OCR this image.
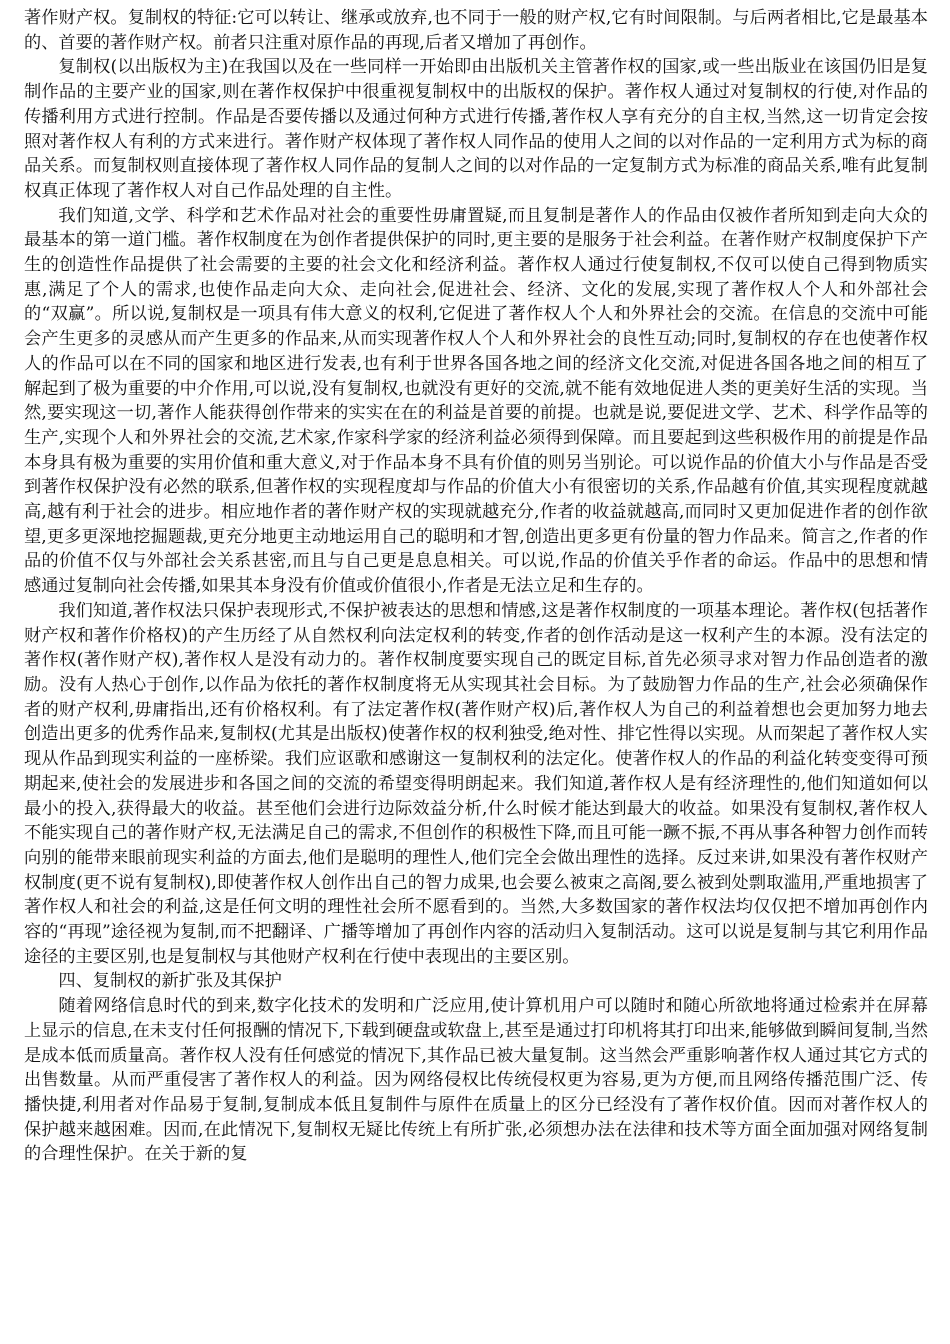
著作财产权。复制权的特征:它可以转让、继承或放弃,也不同于一般的财产权,它有时间限制。与后两者相比,它是最基本的、首要的著作财产权。前者只注重对原作品的再现,后者又增加了再创作。

复制权(以出版权为主)在我国以及在一些同样一开始即由出版机关主管著作权的国家,或一些出版业在该国仍旧是复制作品的主要产业的国家,则在著作权保护中很重视复制权中的出版权的保护。著作权人通过对复制权的行使,对作品的传播利用方式进行控制。作品是否要传播以及通过何种方式进行传播,著作权人享有充分的自主权,当然,这一切肯定会按照对著作权人有利的方式来进行。著作财产权体现了著作权人同作品的使用人之间的以对作品的一定利用方式为标的商品关系。而复制权则直接体现了著作权人同作品的复制人之间的以对作品的一定复制方式为标准的商品关系,唯有此复制权真正体现了著作权人对自己作品处理的自主性。

我们知道,文学、科学和艺术作品对社会的重要性毋庸置疑,而且复制是著作人的作品由仅被作者所知到走向大众的最基本的第一道门槛。著作权制度在为创作者提供保护的同时,更主要的是服务于社会利益。在著作财产权制度保护下产生的创造性作品提供了社会需要的主要的社会文化和经济利益。著作权人通过行使复制权,不仅可以使自己得到物质实惠,满足了个人的需求,也使作品走向大众、走向社会,促进社会、经济、文化的发展,实现了著作权人个人和外部社会的“双赢”。所以说,复制权是一项具有伟大意义的权利,它促进了著作权人个人和外界社会的交流。在信息的交流中可能会产生更多的灵感从而产生更多的作品来,从而实现著作权人个人和外界社会的良性互动;同时,复制权的存在也使著作权人的作品可以在不同的国家和地区进行发表,也有利于世界各国各地之间的经济文化交流,对促进各国各地之间的相互了解起到了极为重要的中介作用,可以说,没有复制权,也就没有更好的交流,就不能有效地促进人类的更美好生活的实现。当然,要实现这一切,著作人能获得创作带来的实实在在的利益是首要的前提。也就是说,要促进文学、艺术、科学作品等的生产,实现个人和外界社会的交流,艺术家,作家科学家的经济利益必须得到保障。而且要起到这些积极作用的前提是作品本身具有极为重要的实用价值和重大意义,对于作品本身不具有价值的则另当别论。可以说作品的价值大小与作品是否受到著作权保护没有必然的联系,但著作权的实现程度却与作品的价值大小有很密切的关系,作品越有价值,其实现程度就越高,越有利于社会的进步。相应地作者的著作财产权的实现就越充分,作者的收益就越高,而同时又更加促进作者的创作欲望,更多更深地挖掘题裁,更充分地更主动地运用自己的聪明和才智,创造出更多更有份量的智力作品来。简言之,作者的作品的价值不仅与外部社会关系甚密,而且与自己更是息息相关。可以说,作品的价值关乎作者的命运。作品中的思想和情感通过复制向社会传播,如果其本身没有价值或价值很小,作者是无法立足和生存的。

我们知道,著作权法只保护表现形式,不保护被表达的思想和情感,这是著作权制度的一项基本理论。著作权(包括著作财产权和著作价格权)的产生历经了从自然权利向法定权利的转变,作者的创作活动是这一权利产生的本源。没有法定的著作权(著作财产权),著作权人是没有动力的。著作权制度要实现自己的既定目标,首先必须寻求对智力作品创造者的激励。没有人热心于创作,以作品为依托的著作权制度将无从实现其社会目标。为了鼓励智力作品的生产,社会必须确保作者的财产权利,毋庸指出,还有价格权利。有了法定著作权(著作财产权)后,著作权人为自己的利益着想也会更加努力地去创造出更多的优秀作品来,复制权(尤其是出版权)使著作权的权利独受,绝对性、排它性得以实现。从而架起了著作权人实现从作品到现实利益的一座桥梁。我们应讴歌和感谢这一复制权利的法定化。使著作权人的作品的利益化转变变得可预期起来,使社会的发展进步和各国之间的交流的希望变得明朗起来。我们知道,著作权人是有经济理性的,他们知道如何以最小的投入,获得最大的收益。甚至他们会进行边际效益分析,什么时候才能达到最大的收益。如果没有复制权,著作权人不能实现自己的著作财产权,无法满足自己的需求,不但创作的积极性下降,而且可能一蹶不振,不再从事各种智力创作而转向别的能带来眼前现实利益的方面去,他们是聪明的理性人,他们完全会做出理性的选择。反过来讲,如果没有著作权财产权制度(更不说有复制权),即使著作权人创作出自己的智力成果,也会要么被束之高阁,要么被到处剽取滥用,严重地损害了著作权人和社会的利益,这是任何文明的理性社会所不愿看到的。当然,大多数国家的著作权法均仅仅把不增加再创作内容的“再现”途径视为复制,而不把翻译、广播等增加了再创作内容的活动归入复制活动。这可以说是复制与其它利用作品途径的主要区别,也是复制权与其他财产权利在行使中表现出的主要区别。

四、复制权的新扩张及其保护

随着网络信息时代的到来,数字化技术的发明和广泛应用,使计算机用户可以随时和随心所欲地将通过检索并在屏幕上显示的信息,在未支付任何报酬的情况下,下载到硬盘或软盘上,甚至是通过打印机将其打印出来,能够做到瞬间复制,当然是成本低而质量高。著作权人没有任何感觉的情况下,其作品已被大量复制。这当然会严重影响著作权人通过其它方式的出售数量。从而严重侵害了著作权人的利益。因为网络侵权比传统侵权更为容易,更为方便,而且网络传播范围广泛、传播快捷,利用者对作品易于复制,复制成本低且复制件与原件在质量上的区分已经没有了著作权价值。因而对著作权人的保护越来越困难。因而,在此情况下,复制权无疑比传统上有所扩张,必须想办法在法律和技术等方面全面加强对网络复制的合理性保护。在关于新的复
